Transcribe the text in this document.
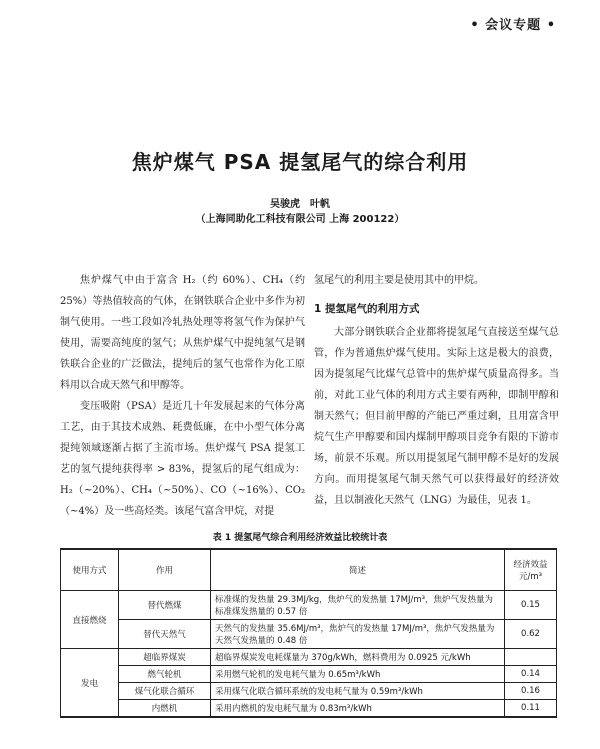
• 会议专题 •
焦炉煤气 PSA 提氢尾气的综合利用
吴骏虎　叶帆
（上海同助化工科技有限公司 上海 200122）

焦炉煤气中由于富含 H₂（约 60%）、CH₄（约 25%）等热值较高的气体，在钢铁联合企业中多作为初制气使用。一些工段如冷轧热处理等将氢气作为保护气使用，需要高纯度的氢气；从焦炉煤气中提纯氢气是钢铁联合企业的广泛做法，提纯后的氢气也常作为化工原料用以合成天然气和甲醇等。

变压吸附（PSA）是近几十年发展起来的气体分离工艺，由于其技术成熟、耗费低廉，在中小型气体分离提纯领域逐渐占据了主流市场。焦炉煤气 PSA 提氢工艺的氢气提纯获得率 > 83%，提氢后的尾气组成为：H₂（~20%）、CH₄（~50%）、CO（~16%）、CO₂（~4%）及一些高烃类。该尾气富含甲烷，对提

氢尾气的利用主要是使用其中的甲烷。

1 提氢尾气的利用方式

大部分钢铁联合企业都将提氢尾气直接送至煤气总管，作为普通焦炉煤气使用。实际上这是极大的浪费，因为提氢尾气比煤气总管中的焦炉煤气质量高得多。当前，对此工业气体的利用方式主要有两种，即制甲醇和制天然气；但目前甲醇的产能已严重过剩，且用富含甲烷气生产甲醇要和国内煤制甲醇项目竞争有限的下游市场，前景不乐观。所以用提氢尾气制甲醇不是好的发展方向。而用提氢尾气制天然气可以获得最好的经济效益，且以制液化天然气（LNG）为最佳，见表 1。

表 1 提氢尾气综合利用经济效益比较统计表
使用方式	作用	简述	经济效益元/m³
直接燃烧	替代燃煤	标准煤的发热量 29.3MJ/kg，焦炉气的发热量 17MJ/m³，焦炉气发热量为标准煤发热量的 0.57 倍	0.15
	替代天然气	天然气的发热量 35.6MJ/m³，焦炉气的发热量 17MJ/m³，焦炉气发热量为天然气发热量的 0.48 倍	0.62
发电	超临界煤炭	超临界煤炭发电耗煤量为 370g/kWh，燃料费用为 0.0925 元/kWh	
	燃气轮机	采用燃气轮机的发电耗气量为 0.65m³/kWh	0.14
	煤气化联合循环	采用煤气化联合循环系统的发电耗气量为 0.59m³/kWh	0.16
	内燃机	采用内燃机的发电耗气量为 0.83m³/kWh	0.11
